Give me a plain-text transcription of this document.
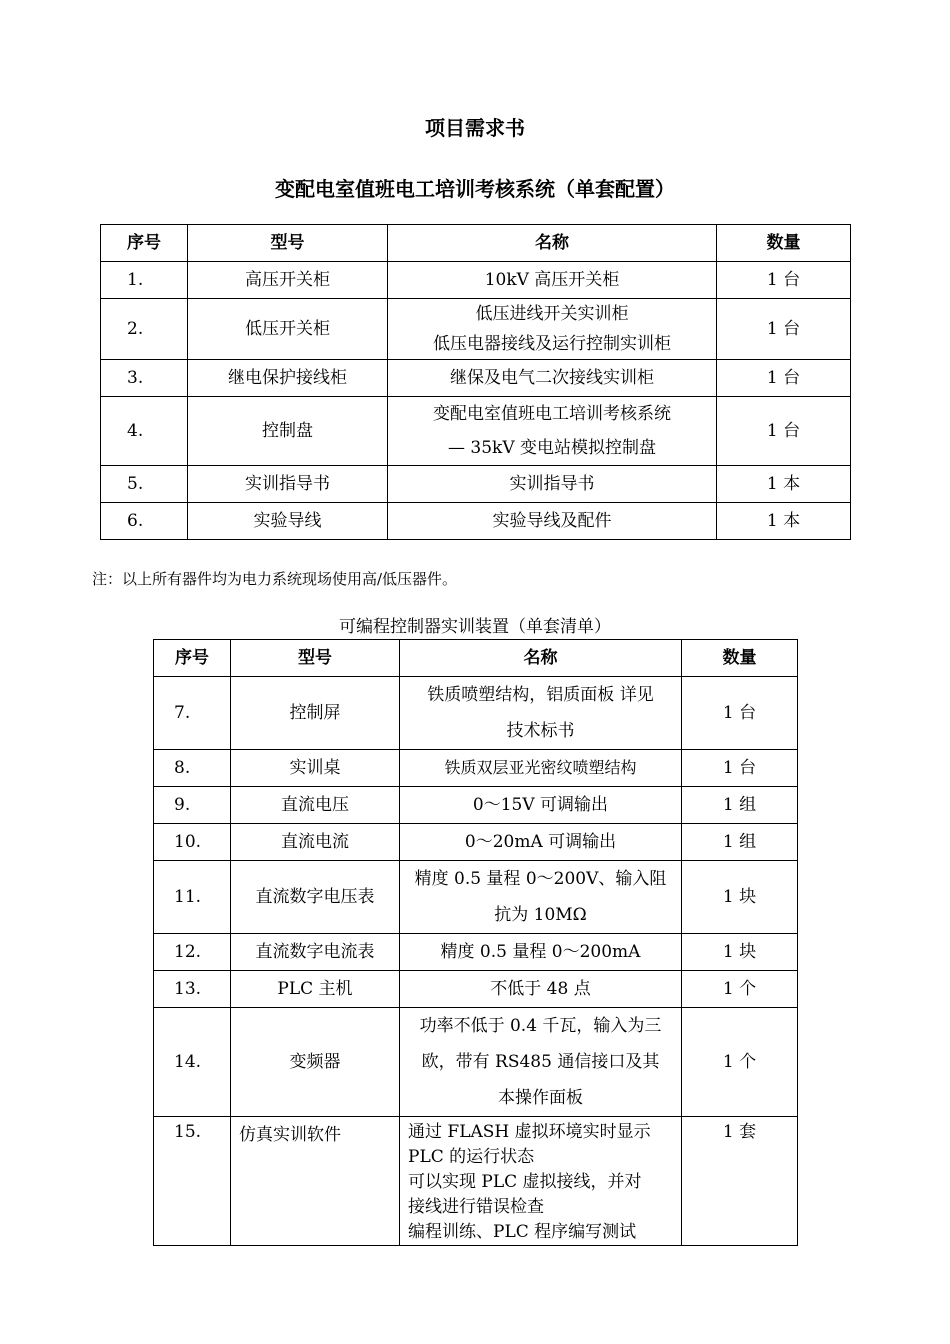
项目需求书
变配电室值班电工培训考核系统（单套配置）
序号	型号	名称	数量
1.	高压开关柜	10kV 高压开关柜	1 台
2.	低压开关柜	低压进线开关实训柜
低压电器接线及运行控制实训柜	1 台
3.	继电保护接线柜	继保及电气二次接线实训柜	1 台
4.	控制盘	变配电室值班电工培训考核系统
— 35kV 变电站模拟控制盘	1 台
5.	实训指导书	实训指导书	1 本
6.	实验导线	实验导线及配件	1 本
注：以上所有器件均为电力系统现场使用高/低压器件。
可编程控制器实训装置（单套清单）
序号	型号	名称	数量
7.	控制屏	铁质喷塑结构，铝质面板 详见
技术标书	1 台
8.	实训桌	铁质双层亚光密纹喷塑结构	1 台
9.	直流电压	0～15V 可调输出	1 组
10.	直流电流	0～20mA 可调输出	1 组
11.	直流数字电压表	精度 0.5 量程 0～200V、输入阻
抗为 10MΩ	1 块
12.	直流数字电流表	精度 0.5 量程 0～200mA	1 块
13.	PLC 主机	不低于 48 点	1 个
14.	变频器	功率不低于 0.4 千瓦，输入为三
欧，带有 RS485 通信接口及其
本操作面板	1 个
15.	仿真实训软件	通过 FLASH 虚拟环境实时显示
PLC 的运行状态
可以实现 PLC 虚拟接线，并对
接线进行错误检查
编程训练、PLC 程序编写测试	1 套
